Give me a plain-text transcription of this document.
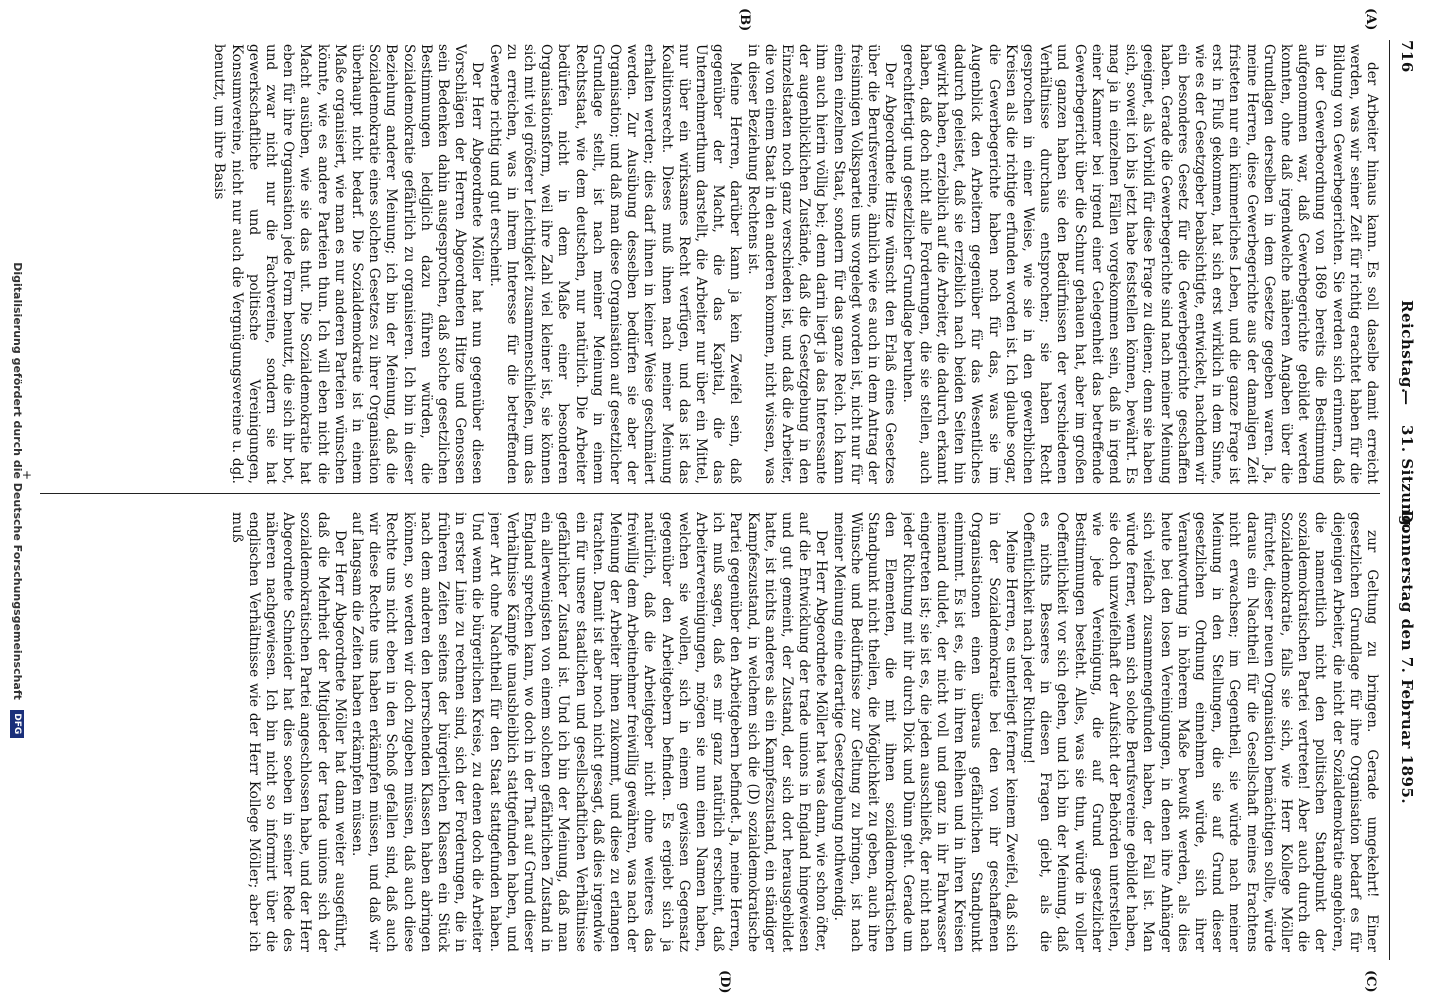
716
Reichstag.
—
31. Sitzung.
Donnerstag den 7. Februar 1895.
(A)
(B)
(C)
(D)

der Arbeiter hinaus kann. Es soll daselbe damit erreicht werden, was wir seiner Zeit für richtig erachtet haben für die Bildung von Gewerbegerichten. Sie werden sich erinnern, daß in der Gewerbeordnung von 1869 bereits die Bestimmung aufgenommen war, daß Gewerbegerichte gebildet werden konnten, ohne daß irgendwelche näheren Angaben über die Grundlagen derselben in dem Gesetze gegeben waren. Ja, meine Herren, diese Gewerbegerichte aus der damaligen Zeit fristeten nur ein kümmerliches Leben, und die ganze Frage ist erst in Fluß gekommen, hat sich erst wirklich in dem Sinne, wie es der Gesetzgeber beabsichtigte, entwickelt, nachdem wir ein besonderes Gesetz für die Gewerbegerichte geschaffen haben. Gerade die Gewerbegerichte sind nach meiner Meinung geeignet, als Vorbild für diese Frage zu dienen; denn sie haben sich, soweit ich bis jetzt habe feststellen können, bewährt. Es mag ja in einzelnen Fällen vorgekommen sein, daß in irgend einer Kammer bei irgend einer Gelegenheit das betreffende Gewerbegericht über die Schnur gehauen hat, aber im großen und ganzen haben sie den Bedürfnissen der verschiedenen Verhältnisse durchaus entsprochen; sie haben Recht gesprochen in einer Weise, wie sie in den gewerblichen Kreisen als die richtige erfunden worden ist. Ich glaube sogar, die Gewerbegerichte haben noch für das, was sie im Augenblick den Arbeitern gegenüber für das Wesentliches dadurch geleistet, daß sie erzieblich nach beiden Seiten hin gewirkt haben, erzieblich auf die Arbeiter, die dadurch erkannt haben, daß doch nicht alle Forderungen, die sie stellen, auch gerechtfertigt und gesetzlicher Grundlage beruhen.

Der Abgeordnete Hitze wünscht den Erlaß eines Gesetzes über die Berufsvereine, ähnlich wie es auch in dem Antrag der freisinnigen Volkspartei uns vorgelegt worden ist, nicht nur für einen einzelnen Staat, sondern für das ganze Reich. Ich kann ihm auch hierin völlig bei; denn darin liegt ja das Interessante der augenblicklichen Zustände, daß die Gesetzgebung in den Einzelstaaten noch ganz verschieden ist, und daß die Arbeiter, die von einem Staat in den anderen kommen, nicht wissen, was in dieser Beziehung Rechtens ist.

Meine Herren, darüber kann ja kein Zweifel sein, daß gegenüber der Macht, die das Kapital, die das Unternehmerthum darstellt, die Arbeiter nur über ein Mittel, nur über ein wirksames Recht verfügen, und das ist das Koalitionsrecht. Dieses muß ihnen nach meiner Meinung erhalten werden; dies darf ihnen in keiner Weise geschmälert werden. Zur Ausübung desselben bedürfen sie aber der Organisation; und daß man diese Organisation auf gesetzlicher Grundlage stellt, ist nach meiner Meinung in einem Rechtsstaat, wie dem deutschen, nur natürlich. Die Arbeiter bedürfen nicht in dem Maße einer besonderen Organisationsform, weil ihre Zahl viel kleiner ist, sie können sich mit viel größerer Leichtigkeit zusammenschließen, um das zu erreichen, was in ihrem Interesse für die betreffenden Gewerbe richtig und gut erscheint.

Der Herr Abgeordnete Möller hat nun gegenüber diesen Vorschlägen der Herren Abgeordneten Hitze und Genossen sein Bedenken dahin ausgesprochen, daß solche gesetzlichen Bestimmungen lediglich dazu führen würden, die Sozialdemokratie gefährlich zu organisieren. Ich bin in dieser Beziehung anderer Meinung; ich bin der Meinung, daß die Sozialdemokratie eines solchen Gesetzes zu ihrer Organisation überhaupt nicht bedarf. Die Sozialdemokratie ist in einem Maße organisiert, wie man es nur anderen Parteien wünschen könnte, wie es andere Parteien thun. Ich will eben nicht die Macht ausüben, wie sie das thut. Die Sozialdemokratie hat eben für ihre Organisation jede Form benutzt, die sich ihr bot, und zwar nicht nur die Fachvereine, sondern sie hat gewerkschaftliche und politische Vereinigungen, Konsumvereine, nicht nur auch die Vergnügungsvereine u. dgl. benutzt, um ihre Basis

zur Geltung zu bringen. Gerade umgekehrt! Einer gesetzlichen Grundlage für ihre Organisation bedarf es für diejenigen Arbeiter, die nicht der Sozialdemokratie angehören, die namentlich nicht den politischen Standpunkt der sozialdemokratischen Partei vertreten! Aber auch durch die Sozialdemokratie, falls sie sich, wie Herr Kollege Möller fürchtet, dieser neuen Organisation bemächtigen sollte, würde daraus ein Nachtheil für die Gesellschaft meines Erachtens nicht erwachsen; im Gegentheil, sie würde nach meiner Meinung in den Stellungen, die sie auf Grund dieser gesetzlichen Ordnung einnehmen würde, sich ihrer Verantwortung in höherem Maße bewußt werden, als dies heute bei den losen Vereinigungen, in denen ihre Anhänger sich vielfach zusammengefunden haben, der Fall ist. Man würde ferner, wenn sich solche Berufsvereine gebildet haben, sie doch unzweifelhaft der Aufsicht der Behörden unterstellen, wie jede Vereinigung, die auf Grund gesetzlicher Bestimmungen besteht. Alles, was sie thun, würde in voller Oeffentlichkeit vor sich gehen, und ich bin der Meinung, daß es nichts Besseres in diesen Fragen giebt, als die Oeffentlichkeit nach jeder Richtung!

Meine Herren, es unterliegt ferner keinem Zweifel, daß sich in der Sozialdemokratie bei den von ihr geschaffenen Organisationen einen überaus gefährlichen Standpunkt einnimmt. Es ist es, die in ihren Reihen und in ihren Kreisen niemand duldet, der nicht voll und ganz in ihr Fahrwasser eingetreten ist; sie ist es, die jeden ausschließt, der nicht nach jeder Richtung mit ihr durch Dick und Dünn geht. Gerade um den Elementen, die mit ihnen sozialdemokratischen Standpunkt nicht theilen, die Möglichkeit zu geben, auch ihre Wünsche und Bedürfnisse zur Geltung zu bringen, ist nach meiner Meinung eine derartige Gesetzgebung nothwendig.

Der Herr Abgeordnete Möller hat was dann, wie schon öfter, auf die Entwicklung der trade unions in England hingewiesen und gut gemeint, der Zustand, der sich dort herausgebildet hatte, ist nichts anderes als ein Kampfeszustand, ein ständiger Kampfeszustand, in welchem sich die (D) sozialdemokratische Partei gegenüber den Arbeitgebern befindet. Ja, meine Herren, ich muß sagen, daß es mir ganz natürlich erscheint, daß Arbeitervereinigungen, mögen sie nun einen Namen haben, welchen sie wollen, sich in einem gewissen Gegensatz gegenüber den Arbeitgebern befinden. Es ergiebt sich ja natürlich, daß die Arbeitgeber nicht ohne weiteres das freiwillig dem Arbeitnehmer freiwillig gewähren, was nach der Meinung der Arbeiter ihnen zukommt, und diese zu erlangen trachten. Damit ist aber noch nicht gesagt, daß dies irgendwie ein für unsere staatlichen und gesellschaftlichen Verhältnisse gefährlicher Zustand ist. Und ich bin der Meinung, daß man ein allerwenigsten von einem solchen gefährlichen Zustand in England sprechen kann, wo doch in der That auf Grund dieser Verhältnisse Kämpfe unausbleiblich stattgefunden haben, und jener Art ohne Nachtheil für den Staat stattgefunden haben. Und wenn die bürgerlichen Kreise, zu denen doch die Arbeiter in erster Linie zu rechnen sind, sich der Forderungen, die in früheren Zeiten seitens der bürgerlichen Klassen ein Stück nach dem anderen den herrschenden Klassen haben abringen können, so werden wir doch zugeben müssen, daß auch diese Rechte uns nicht eben in den Schoß gefallen sind, daß auch wir diese Rechte uns haben erkämpfen müssen, und daß wir auf langsam die Zeiten haben erkämpfen müssen.

Der Herr Abgeordnete Möller hat dann weiter ausgeführt, daß die Mehrheit der Mitglieder der trade unions sich der sozialdemokratischen Partei angeschlossen habe, und der Herr Abgeordnete Schneider hat dies soeben in seiner Rede des näheren nachgewiesen. Ich bin nicht so informirt über die englischen Verhältnisse wie der Herr Kollege Möller; aber ich muß

+
Digitalisierung gefördert durch die Deutsche Forschungsgemeinschaft DFG
